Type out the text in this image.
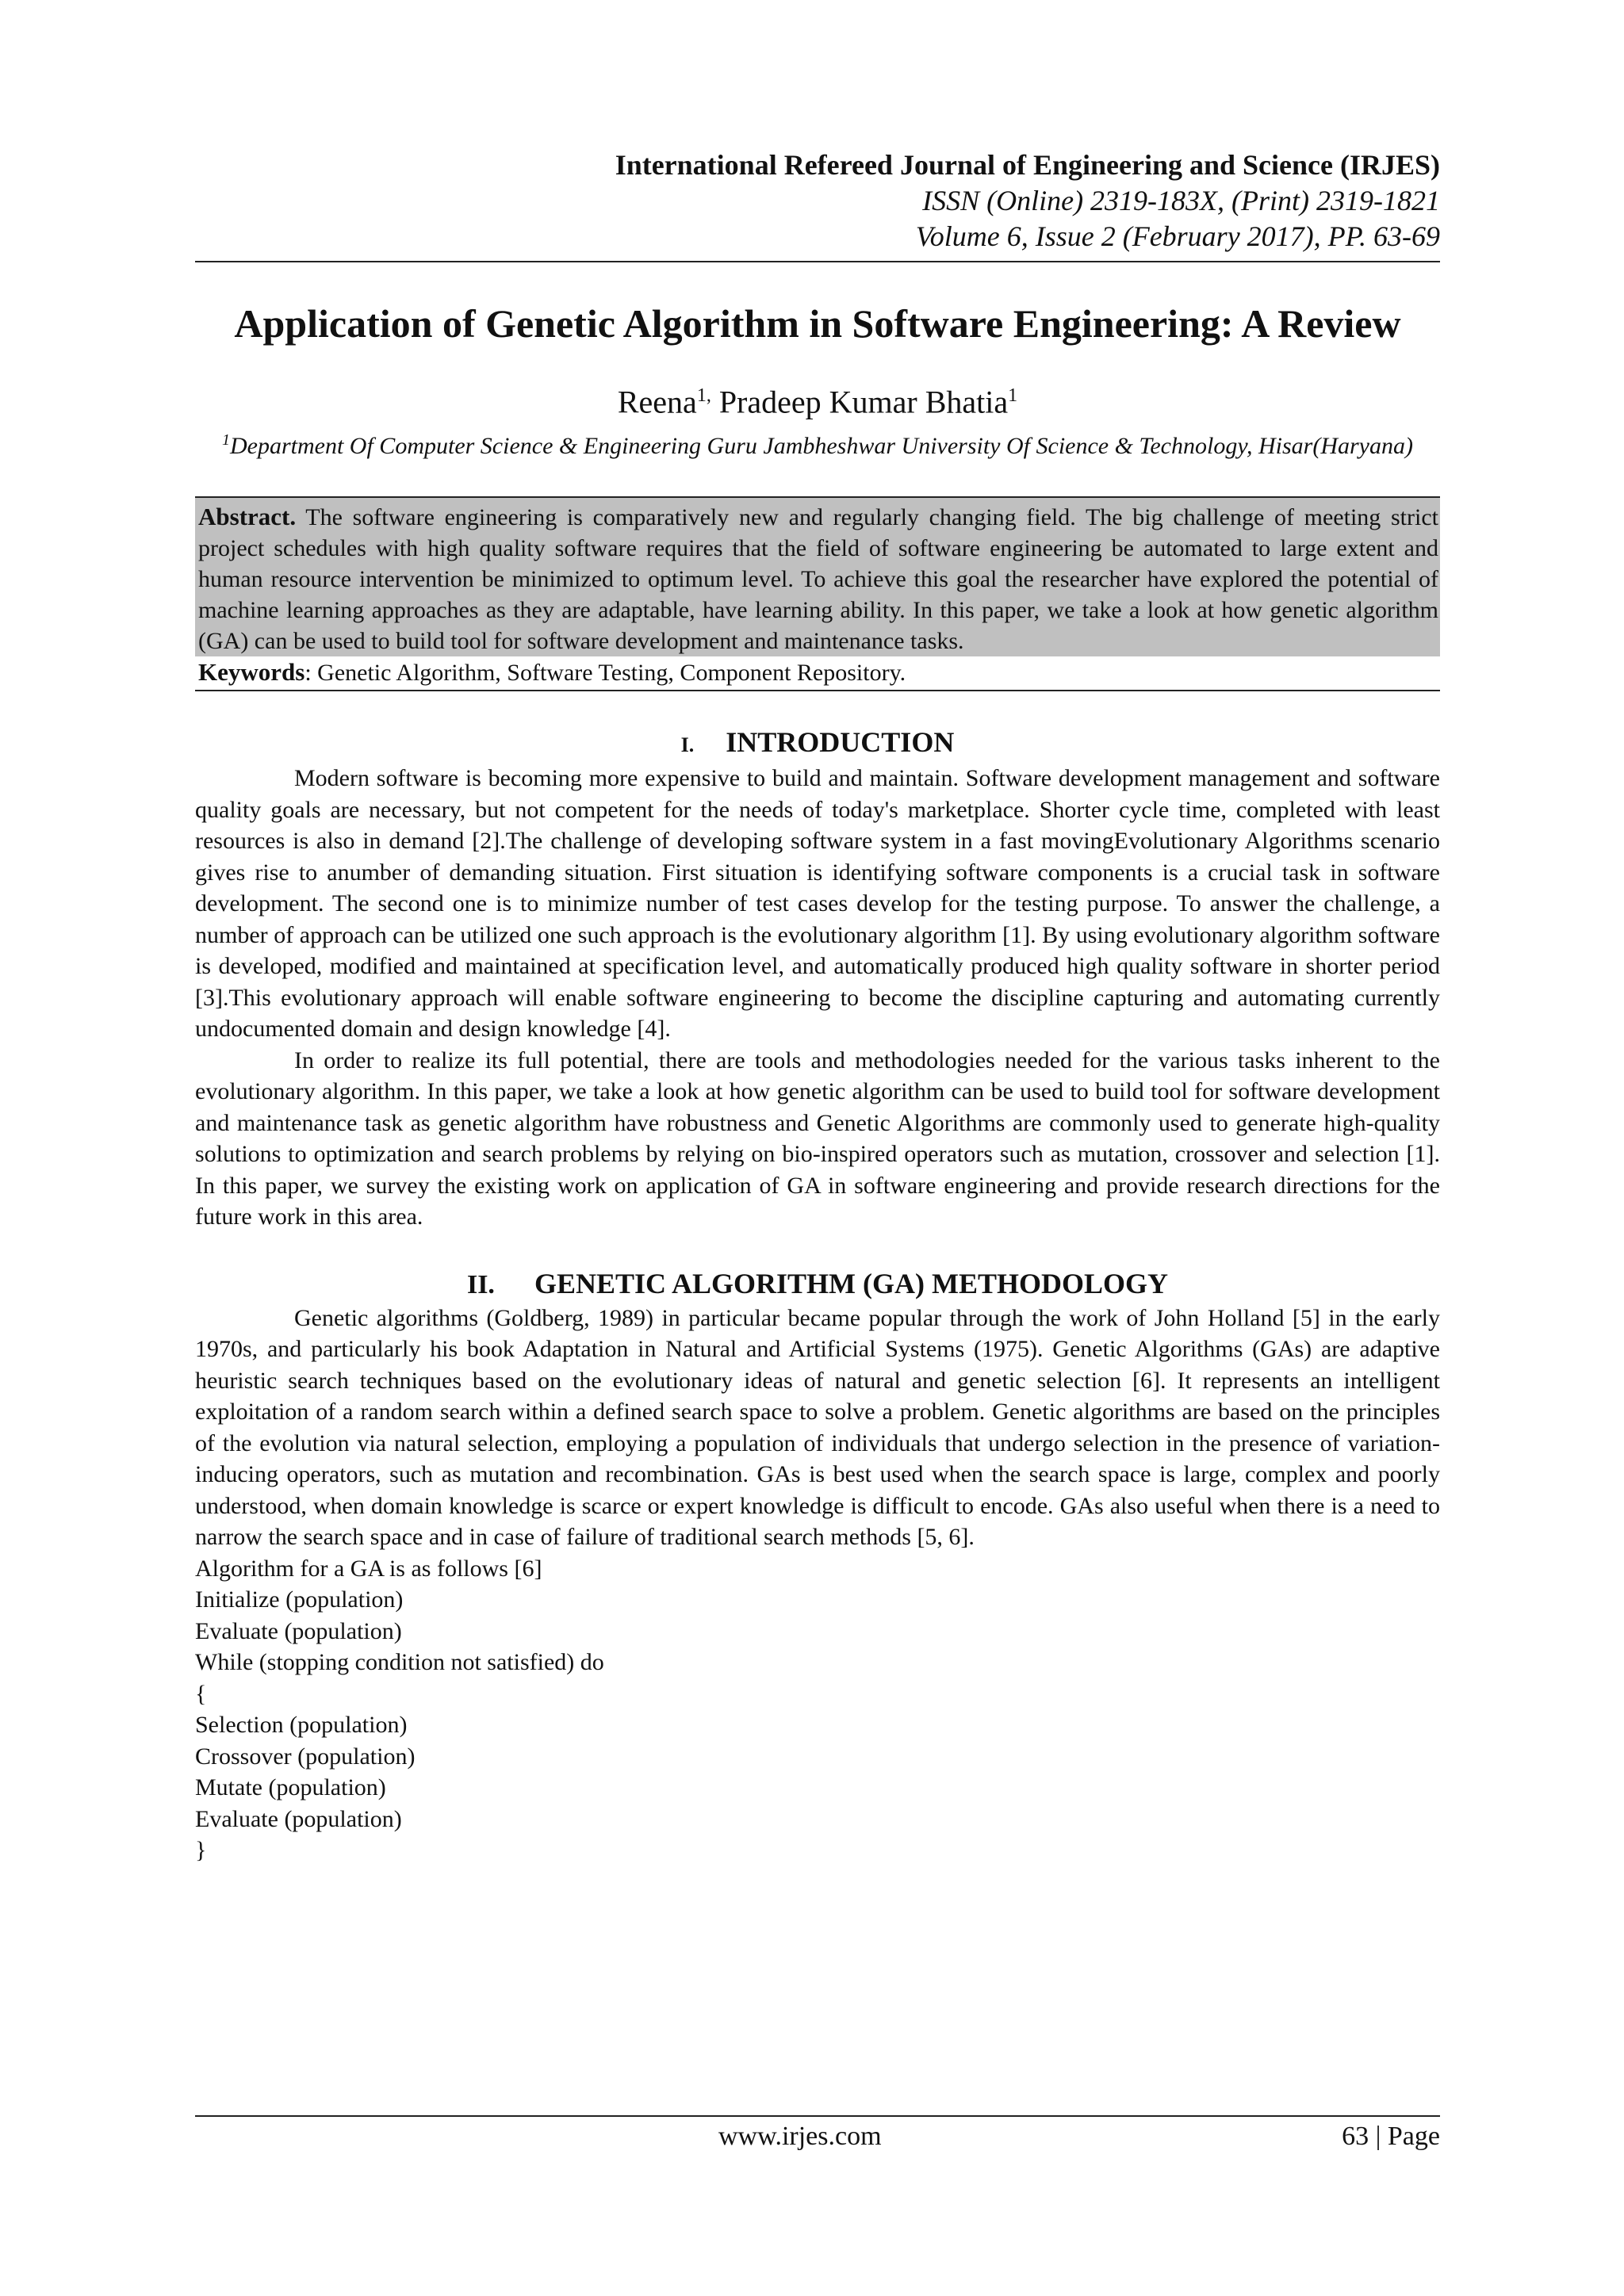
International Refereed Journal of Engineering and Science (IRJES)
ISSN (Online) 2319-183X, (Print) 2319-1821
Volume 6, Issue 2 (February 2017), PP. 63-69
Application of Genetic Algorithm in Software Engineering: A Review
Reena$^{1,}$ Pradeep Kumar Bhatia$^1$
$^1$Department Of Computer Science & Engineering Guru Jambheshwar University Of Science & Technology, Hisar(Haryana)
Abstract. The software engineering is comparatively new and regularly changing field. The big challenge of meeting strict project schedules with high quality software requires that the field of software engineering be automated to large extent and human resource intervention be minimized to optimum level. To achieve this goal the researcher have explored the potential of machine learning approaches as they are adaptable, have learning ability. In this paper, we take a look at how genetic algorithm (GA) can be used to build tool for software development and maintenance tasks.
Keywords: Genetic Algorithm, Software Testing, Component Repository.
I. INTRODUCTION

Modern software is becoming more expensive to build and maintain. Software development management and software quality goals are necessary, but not competent for the needs of today's marketplace. Shorter cycle time, completed with least resources is also in demand [2].The challenge of developing software system in a fast movingEvolutionary Algorithms scenario gives rise to anumber of demanding situation. First situation is identifying software components is a crucial task in software development. The second one is to minimize number of test cases develop for the testing purpose. To answer the challenge, a number of approach can be utilized one such approach is the evolutionary algorithm [1]. By using evolutionary algorithm software is developed, modified and maintained at specification level, and automatically produced high quality software in shorter period [3].This evolutionary approach will enable software engineering to become the discipline capturing and automating currently undocumented domain and design knowledge [4].

In order to realize its full potential, there are tools and methodologies needed for the various tasks inherent to the evolutionary algorithm. In this paper, we take a look at how genetic algorithm can be used to build tool for software development and maintenance task as genetic algorithm have robustness and Genetic Algorithms are commonly used to generate high-quality solutions to optimization and search problems by relying on bio-inspired operators such as mutation, crossover and selection [1]. In this paper, we survey the existing work on application of GA in software engineering and provide research directions for the future work in this area.

II. GENETIC ALGORITHM (GA) METHODOLOGY

Genetic algorithms (Goldberg, 1989) in particular became popular through the work of John Holland [5] in the early 1970s, and particularly his book Adaptation in Natural and Artificial Systems (1975). Genetic Algorithms (GAs) are adaptive heuristic search techniques based on the evolutionary ideas of natural and genetic selection [6]. It represents an intelligent exploitation of a random search within a defined search space to solve a problem. Genetic algorithms are based on the principles of the evolution via natural selection, employing a population of individuals that undergo selection in the presence of variation- inducing operators, such as mutation and recombination. GAs is best used when the search space is large, complex and poorly understood, when domain knowledge is scarce or expert knowledge is difficult to encode. GAs also useful when there is a need to narrow the search space and in case of failure of traditional search methods [5, 6].

Algorithm for a GA is as follows [6]

Initialize (population)

Evaluate (population)

While (stopping condition not satisfied) do

{

Selection (population)

Crossover (population)

Mutate (population)

Evaluate (population)

}

www.irjes.com	63 | Page
